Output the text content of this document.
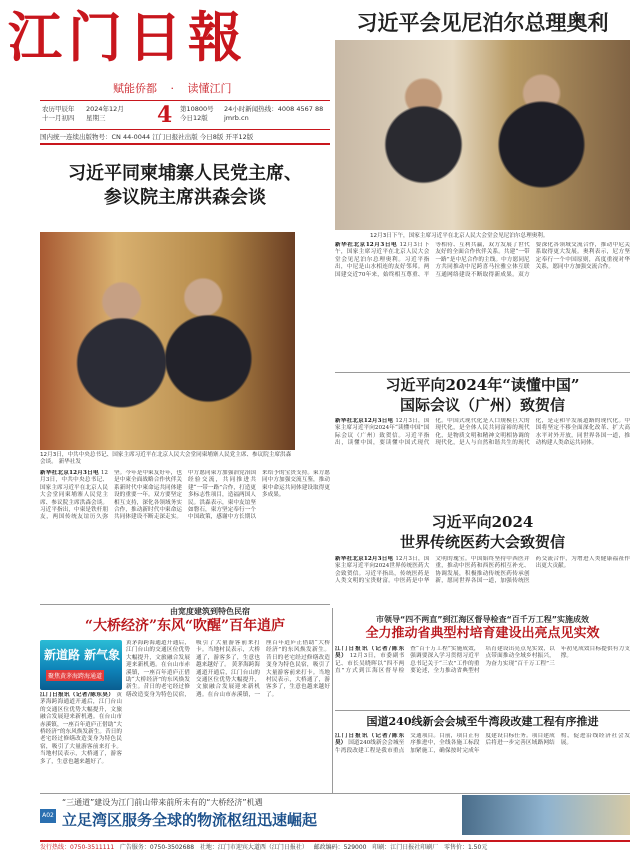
江门日報
赋能侨都 · 读懂江门
农历甲辰年
十一月初四
2024年12月
星期三	4 第10800号
今日12版
24小时新闻热线：4008 4567 88
jmrb.cn
国内统一连续出版物号：CN 44-0044 江门日报社出版 今日8版 开平12版
习近平会见尼泊尔总理奥利
12月3日下午，国家主席习近平在北京人民大会堂会见尼泊尔总理奥利。
新华社北京12月3日电 12月3日下午，国家主席习近平在北京人民大会堂会见尼泊尔总理奥利。习近平指出，中尼是山水相连的友好邻邦。两国建交近70年来，始终相互尊重、平等相待、互利共赢，双方发展了世代友好的全面合作伙伴关系。共建“一带一路”是中尼合作的主线。中方愿同尼方共同推动中尼跨喜马拉雅立体互联互通网络建设不断取得新成果。双方要深化各领域交流合作，推动中尼关系取得更大发展。奥利表示，尼方坚定奉行一个中国原则，高度重视对华关系，愿同中方加强交流合作。
习近平同柬埔寨人民党主席、
参议院主席洪森会谈
12月3日，中共中央总书记、国家主席习近平在北京人民大会堂同柬埔寨人民党主席、参议院主席洪森会谈。 新华社发
新华社北京12月3日电 12月3日，中共中央总书记、国家主席习近平在北京人民大会堂同柬埔寨人民党主席、参议院主席洪森会谈。习近平指出，中柬是铁杆朋友，两国传统友谊历久弥坚。今年是中柬友好年，也是中柬全面战略合作伙伴关系新时代中柬命运共同体建设的重要一年。双方要坚定相互支持，深化各领域务实合作，推动新时代中柬命运共同体建设不断走深走实。中方愿同柬方加强治党治国经验交流，共同推进共建“一带一路”合作，打造更多标志性项目，造福两国人民。洪森表示，柬中友谊坚如磐石，柬方坚定奉行一个中国政策，感谢中方长期以来给予的宝贵支持。柬方愿同中方加强交流互鉴，推动柬中命运共同体建设取得更多成果。
习近平向2024年“读懂中国”
国际会议（广州）致贺信
新华社北京12月3日电 12月3日，国家主席习近平向2024年“读懂中国”国际会议（广州）致贺信。习近平指出，读懂中国，要读懂中国式现代化。中国式现代化是人口规模巨大的现代化，是全体人民共同富裕的现代化，是物质文明和精神文明相协调的现代化，是人与自然和谐共生的现代化，是走和平发展道路的现代化。中国将坚定不移全面深化改革、扩大高水平对外开放，同世界各国一道，推动构建人类命运共同体。
习近平向2024
世界传统医药大会致贺信
新华社北京12月3日电 12月3日，国家主席习近平向2024世界传统医药大会致贺信。习近平指出，传统医药是人类文明的宝贵财富。中医药是中华文明的瑰宝。中国始终坚持中西医并重，推动中医药和西医药相互补充、协调发展，积极推动传统医药传承创新，愿同世界各国一道，加强传统医药交流合作，为增进人类健康福祉作出更大贡献。
由宽度建筑到特色民宿
“大桥经济”东风“吹醒”百年逍庐
新道路 新气象
聚焦黄茅海跨海通道
江门日报讯（记者/陈东昊） 黄茅海跨海通道开通后，江门台山的交通区位优势大幅提升，文旅融合发展迎来新机遇。在台山市赤溪镇，一座百年逍庐正借助“大桥经济”的东风焕发新生。昔日的老宅经过修缮改造变身为特色民宿，吸引了大量游客前来打卡。当地村民表示，大桥通了，游客多了，生意也越来越好了。
黄茅海跨海通道开通后，江门台山的交通区位优势大幅提升，文旅融合发展迎来新机遇。在台山市赤溪镇，一座百年逍庐正借助“大桥经济”的东风焕发新生。昔日的老宅经过修缮改造变身为特色民宿，吸引了大量游客前来打卡。当地村民表示，大桥通了，游客多了，生意也越来越好了。 黄茅海跨海通道开通后，江门台山的交通区位优势大幅提升，文旅融合发展迎来新机遇。在台山市赤溪镇，一座百年逍庐正借助“大桥经济”的东风焕发新生。昔日的老宅经过修缮改造变身为特色民宿，吸引了大量游客前来打卡。当地村民表示，大桥通了，游客多了，生意也越来越好了。
市领导“四不两直”到江海区督导检查“百千万工程”实施成效
全力推动省典型村培育建设出亮点见实效
江门日报讯（记者/陈东昊） 12月3日，市委副书记、市长吴晓晖以“四不两直”方式到江海区督导检查“百千万工程”实施成效，强调要深入学习贯彻习近平总书记关于“三农”工作的重要论述，全力推动省典型村培育建设出亮点见实效，以点带面推动全域乡村振兴，为奋力实现“百千万工程”三年初见成效目标提供有力支撑。
国道240线新会会城至牛湾段改建工程有序推进
江门日报讯（记者/陈东昊） 国道240线新会会城至牛湾段改建工程是我市重点交通项目。目前，项目正有序推进中，全线各施工标段加紧施工，确保按时完成年度建设目标任务。项目建成后将进一步完善区域路网结构，促进沿线经济社会发展。
A02
“三通道”建设为江门前山带来前所未有的“大桥经济”机遇
立足湾区服务全球的物流枢纽迅速崛起
发行热线：0750-3511111 广告服务：0750-3502688 社地：江门市迎宾大道西（江门日报社） 邮政编码：529000 印刷：江门日报社印刷厂 零售价：1.50元
